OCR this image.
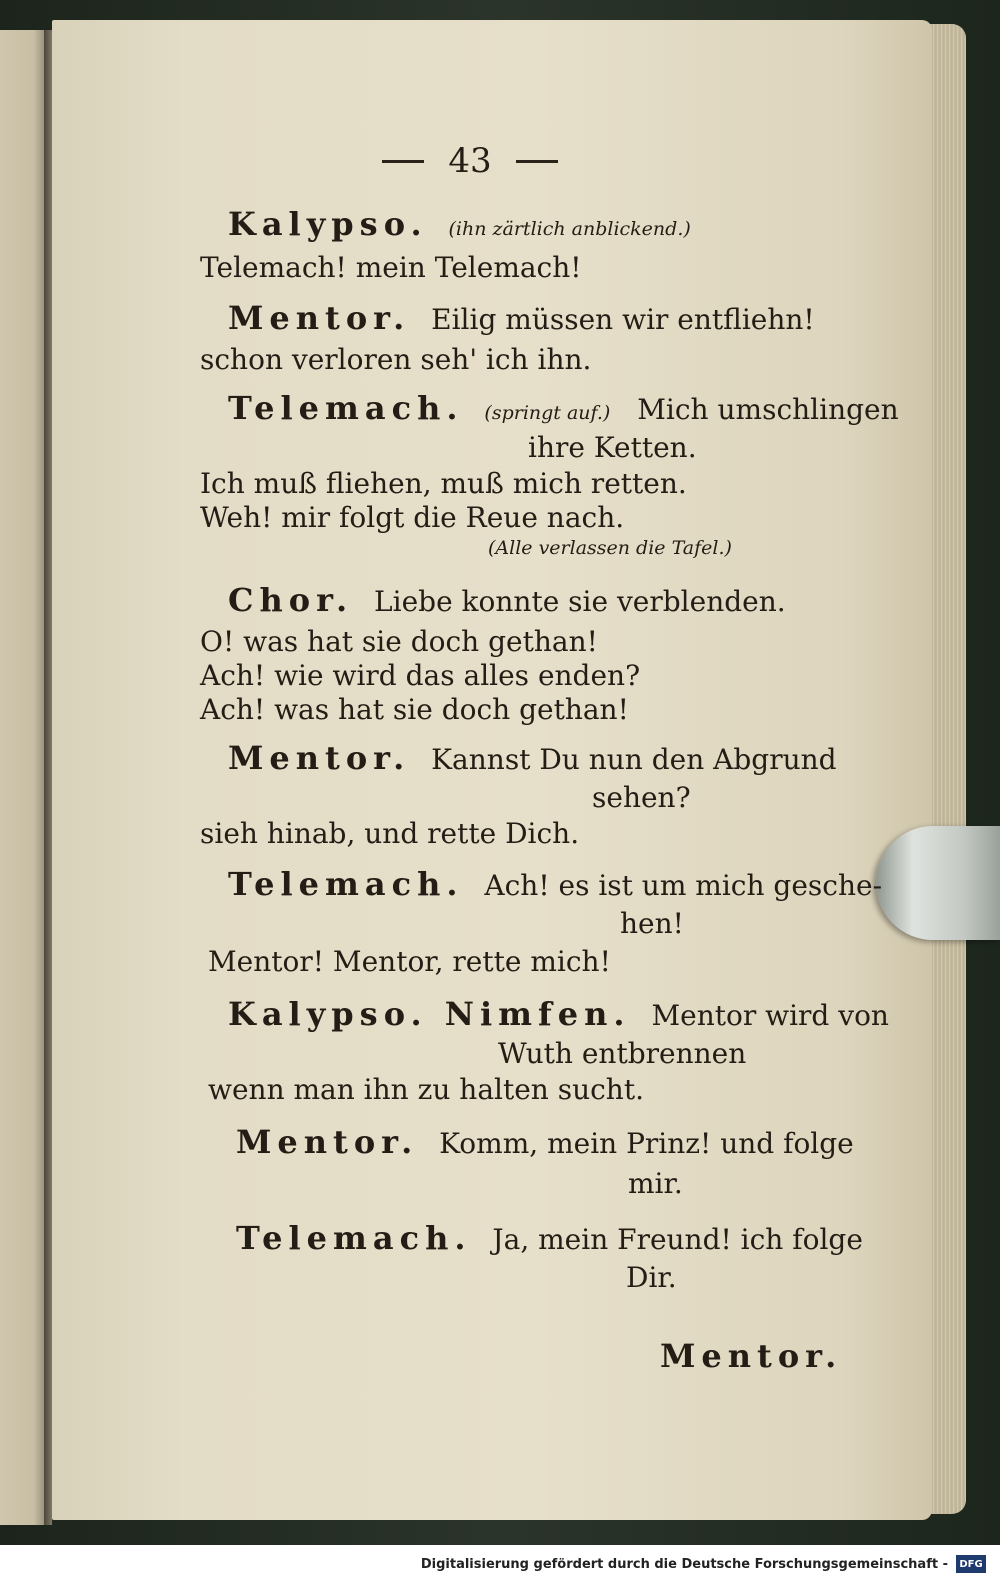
43
Kalypso. (ihn zärtlich anblickend.)
Telemach! mein Telemach!
Mentor. Eilig müssen wir entfliehn!
schon verloren seh' ich ihn.
Telemach. (springt auf.) Mich umschlingen
ihre Ketten.
Ich muß fliehen, muß mich retten.
Weh! mir folgt die Reue nach.
(Alle verlassen die Tafel.)
Chor. Liebe konnte sie verblenden.
O! was hat sie doch gethan!
Ach! wie wird das alles enden?
Ach! was hat sie doch gethan!
Mentor. Kannst Du nun den Abgrund
sehen?
sieh hinab, und rette Dich.
Telemach. Ach! es ist um mich gesche-
hen!
Mentor! Mentor, rette mich!
Kalypso. Nimfen. Mentor wird von
Wuth entbrennen
wenn man ihn zu halten sucht.
Mentor. Komm, mein Prinz! und folge
mir.
Telemach. Ja, mein Freund! ich folge
Dir.
Mentor.
Digitalisierung gefördert durch die Deutsche Forschungsgemeinschaft -	DFG
